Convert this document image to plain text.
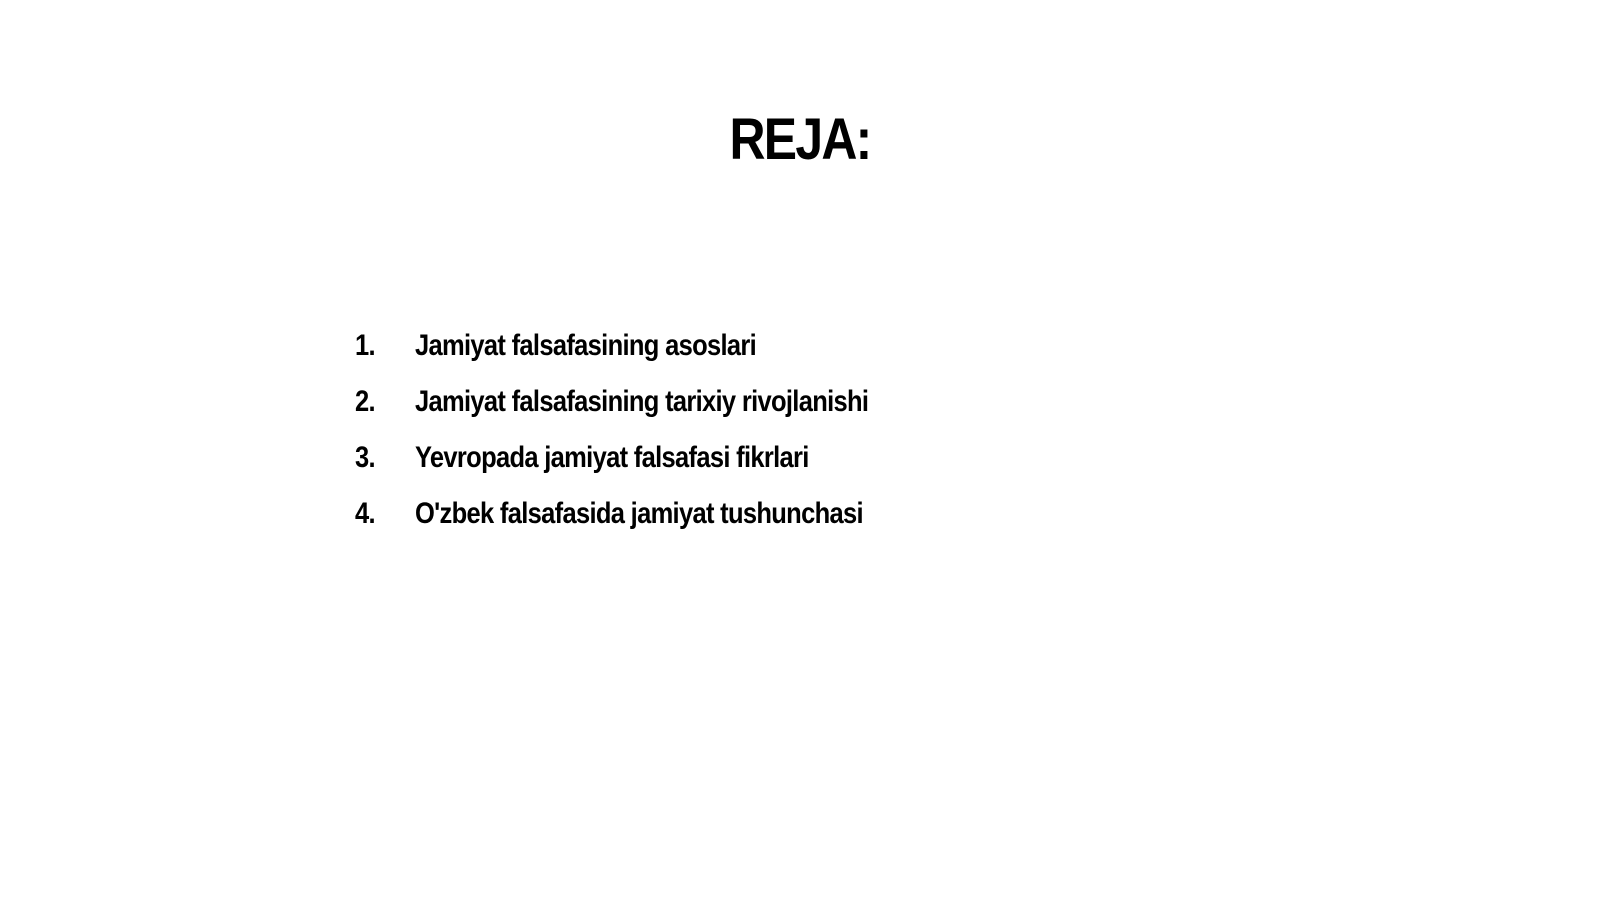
REJA:
1.	Jamiyat falsafasining asoslari
2.	Jamiyat falsafasining tarixiy rivojlanishi
3.	Yevropada jamiyat falsafasi fikrlari
4.	O'zbek falsafasida jamiyat tushunchasi
